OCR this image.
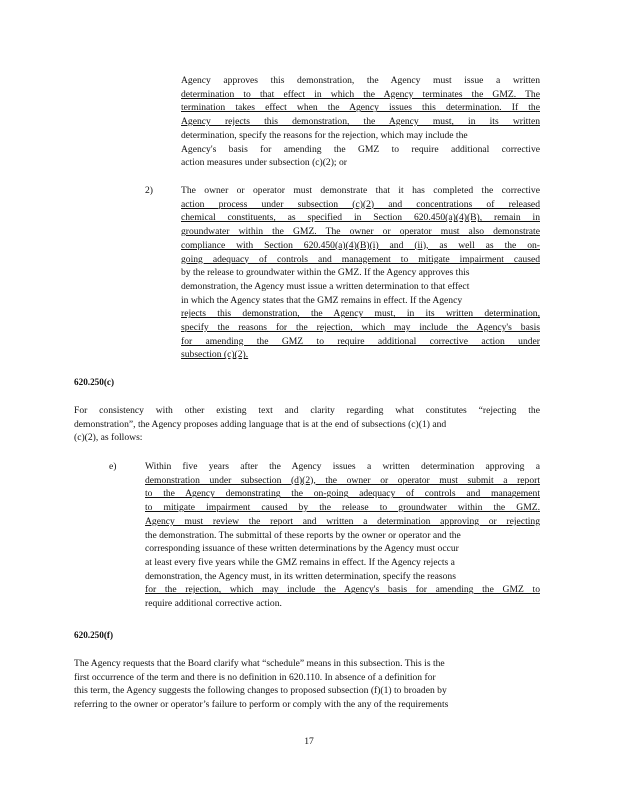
Agency approves this demonstration, the Agency must issue a written
determination to that effect in which the Agency terminates the GMZ. The
termination takes effect when the Agency issues this determination. If the
Agency rejects this demonstration, the Agency must, in its written
determination, specify the reasons for the rejection, which may include the
Agency's basis for amending the GMZ to require additional corrective
action measures under subsection (c)(2); or
2)	The owner or operator must demonstrate that it has completed the corrective
action process under subsection (c)(2) and concentrations of released
chemical constituents, as specified in Section 620.450(a)(4)(B), remain in
groundwater within the GMZ. The owner or operator must also demonstrate
compliance with Section 620.450(a)(4)(B)(i) and (ii), as well as the on-
going adequacy of controls and management to mitigate impairment caused
by the release to groundwater within the GMZ. If the Agency approves this
demonstration, the Agency must issue a written determination to that effect
in which the Agency states that the GMZ remains in effect. If the Agency
rejects this demonstration, the Agency must, in its written determination,
specify the reasons for the rejection, which may include the Agency's basis
for amending the GMZ to require additional corrective action under
subsection (c)(2).
620.250(c)
For consistency with other existing text and clarity regarding what constitutes “rejecting the
demonstration”, the Agency proposes adding language that is at the end of subsections (c)(1) and
(c)(2), as follows:
e)	Within five years after the Agency issues a written determination approving a
demonstration under subsection (d)(2), the owner or operator must submit a report
to the Agency demonstrating the on-going adequacy of controls and management
to mitigate impairment caused by the release to groundwater within the GMZ.
Agency must review the report and written a determination approving or rejecting
the demonstration. The submittal of these reports by the owner or operator and the
corresponding issuance of these written determinations by the Agency must occur
at least every five years while the GMZ remains in effect. If the Agency rejects a
demonstration, the Agency must, in its written determination, specify the reasons
for the rejection, which may include the Agency's basis for amending the GMZ to
require additional corrective action.
620.250(f)
The Agency requests that the Board clarify what “schedule” means in this subsection. This is the
first occurrence of the term and there is no definition in 620.110. In absence of a definition for
this term, the Agency suggests the following changes to proposed subsection (f)(1) to broaden by
referring to the owner or operator’s failure to perform or comply with the any of the requirements
17
